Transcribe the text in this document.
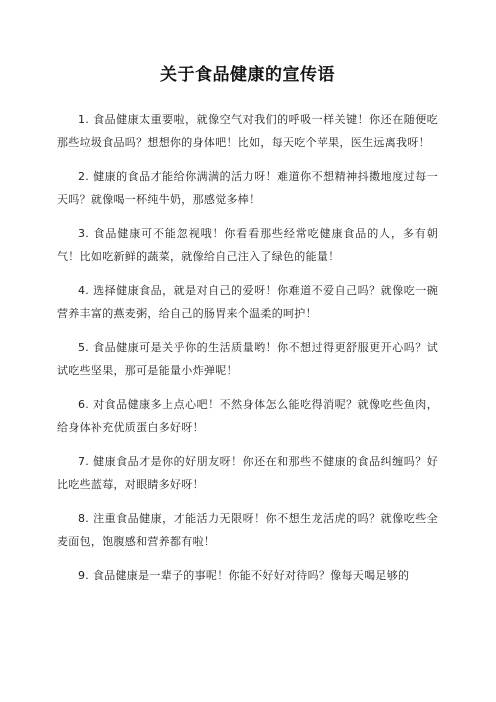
关于食品健康的宣传语

1. 食品健康太重要啦，就像空气对我们的呼吸一样关键！你还在随便吃那些垃圾食品吗？想想你的身体吧！比如，每天吃个苹果，医生远离我呀！

2. 健康的食品才能给你满满的活力呀！难道你不想精神抖擞地度过每一天吗？就像喝一杯纯牛奶，那感觉多棒！

3. 食品健康可不能忽视哦！你看看那些经常吃健康食品的人，多有朝气！比如吃新鲜的蔬菜，就像给自己注入了绿色的能量！

4. 选择健康食品，就是对自己的爱呀！你难道不爱自己吗？就像吃一碗营养丰富的燕麦粥，给自己的肠胃来个温柔的呵护！

5. 食品健康可是关乎你的生活质量哟！你不想过得更舒服更开心吗？试试吃些坚果，那可是能量小炸弹呢！

6. 对食品健康多上点心吧！不然身体怎么能吃得消呢？就像吃些鱼肉，给身体补充优质蛋白多好呀！

7. 健康食品才是你的好朋友呀！你还在和那些不健康的食品纠缠吗？好比吃些蓝莓，对眼睛多好呀！

8. 注重食品健康，才能活力无限呀！你不想生龙活虎的吗？就像吃些全麦面包，饱腹感和营养都有啦！

9. 食品健康是一辈子的事呢！你能不好好对待吗？像每天喝足够的
